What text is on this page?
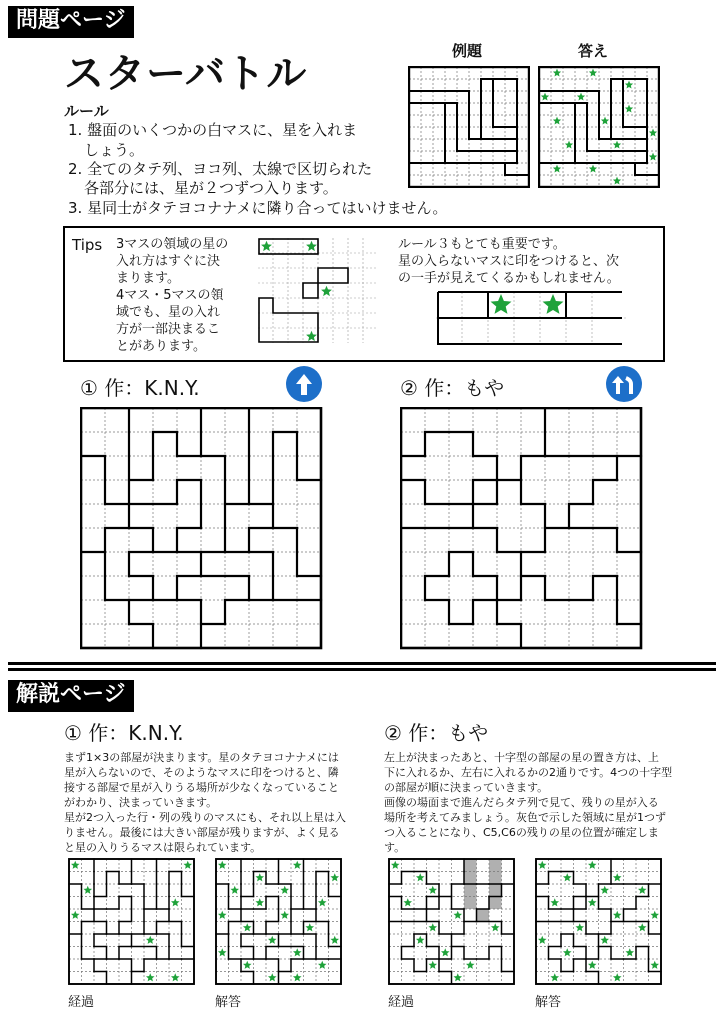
問題ページ
スターバトル	例題	答え
ルール
1. 盤面のいくつかの白マスに、星を入れま
しょう。
2. 全てのタテ列、ヨコ列、太線で区切られた
各部分には、星が２つずつ入ります。
3. 星同士がタテヨコナナメに隣り合ってはいけません。
Tips 3マスの領域の星の
入れ方はすぐに決
まります。
4マス・5マスの領
域でも、星の入れ
方が一部決まるこ
とがあります。
ルール３もとても重要です。
星の入らないマスに印をつけると、次
の一手が見えてくるかもしれません。
① 作：K.N.Y.	② 作：もや
解説ページ
① 作：K.N.Y.
まず1×3の部屋が決まります。星のタテヨコナナメには
星が入らないので、そのようなマスに印をつけると、隣
接する部屋で星が入りうる場所が少なくなっていること
がわかり、決まっていきます。
星が2つ入った行・列の残りのマスにも、それ以上星は入
りません。最後には大きい部屋が残りますが、よく見る
と星の入りうるマスは限られています。
② 作：もや
左上が決まったあと、十字型の部屋の星の置き方は、上
下に入れるか、左右に入れるかの2通りです。4つの十字型
の部屋が順に決まっていきます。
画像の場面まで進んだらタテ列で見て、残りの星が入る
場所を考えてみましょう。灰色で示した領域に星が1つず
つ入ることになり、C5,C6の残りの星の位置が確定しま
す。
経過	解答	経過	解答
